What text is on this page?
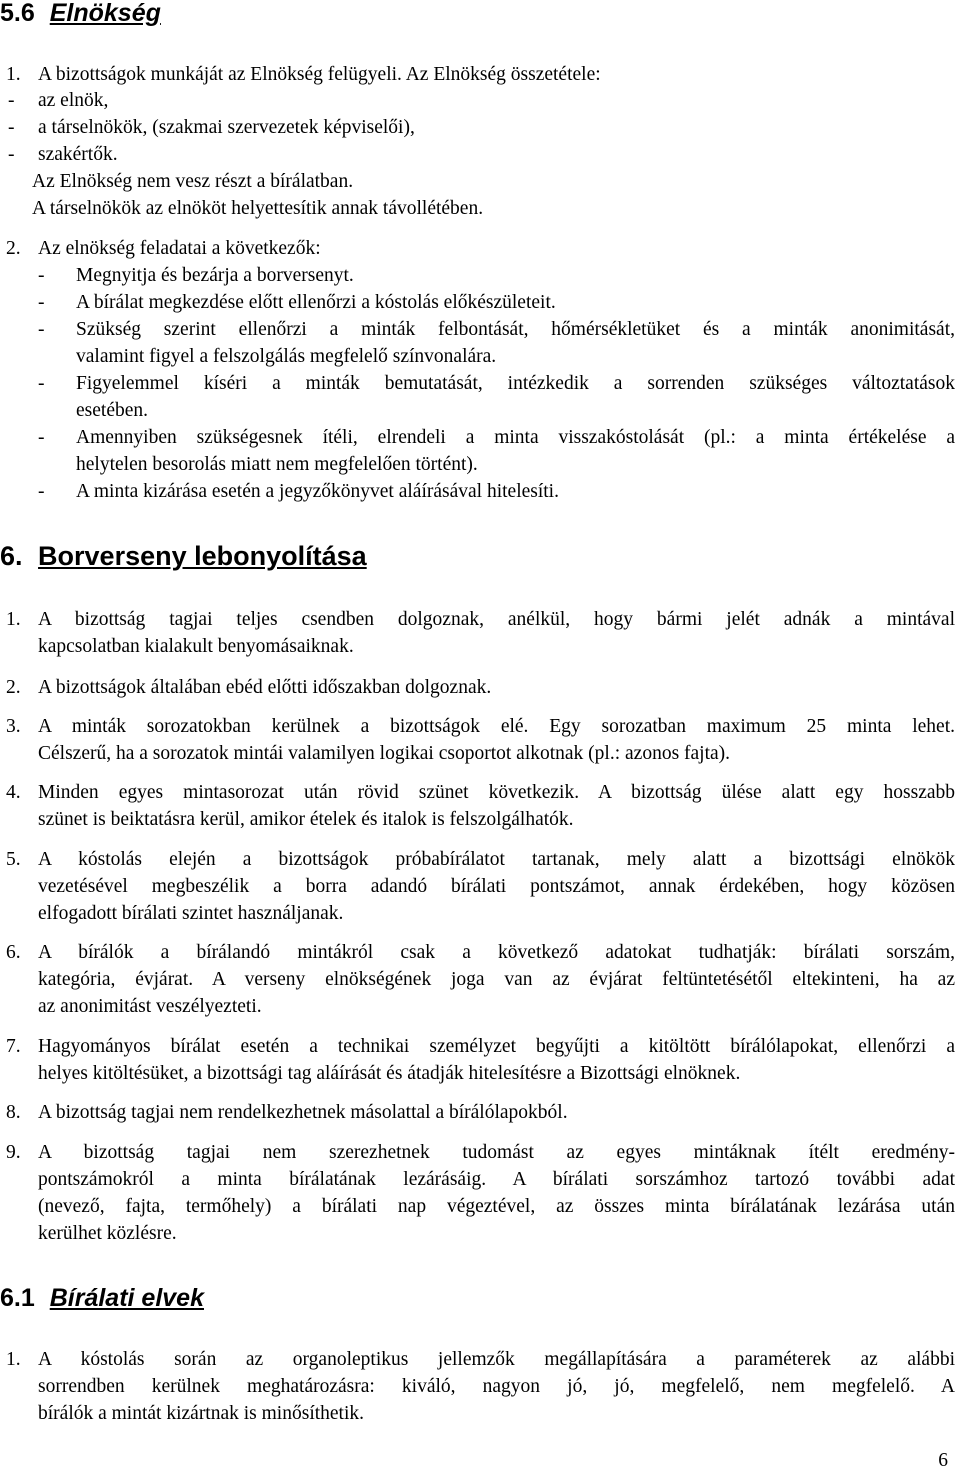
5.6 Elnökség
1. A bizottságok munkáját az Elnökség felügyeli. Az Elnökség összetétele:
- az elnök,
- a társelnökök, (szakmai szervezetek képviselői),
- szakértők.
Az Elnökség nem vesz részt a bírálatban.
A társelnökök az elnököt helyettesítik annak távollétében.
2. Az elnökség feladatai a következők:
- Megnyitja és bezárja a borversenyt.
- A bírálat megkezdése előtt ellenőrzi a kóstolás előkészületeit.
- Szükség szerint ellenőrzi a minták felbontását, hőmérsékletüket és a minták anonimitását,
valamint figyel a felszolgálás megfelelő színvonalára.
- Figyelemmel kíséri a minták bemutatását, intézkedik a sorrenden szükséges változtatások
esetében.
- Amennyiben szükségesnek ítéli, elrendeli a minta visszakóstolását (pl.: a minta értékelése a
helytelen besorolás miatt nem megfelelően történt).
- A minta kizárása esetén a jegyzőkönyvet aláírásával hitelesíti.
6. Borverseny lebonyolítása
1. A bizottság tagjai teljes csendben dolgoznak, anélkül, hogy bármi jelét adnák a mintával
kapcsolatban kialakult benyomásaiknak.
2. A bizottságok általában ebéd előtti időszakban dolgoznak.
3. A minták sorozatokban kerülnek a bizottságok elé. Egy sorozatban maximum 25 minta lehet.
Célszerű, ha a sorozatok mintái valamilyen logikai csoportot alkotnak (pl.: azonos fajta).
4. Minden egyes mintasorozat után rövid szünet következik. A bizottság ülése alatt egy hosszabb
szünet is beiktatásra kerül, amikor ételek és italok is felszolgálhatók.
5. A kóstolás elején a bizottságok próbabírálatot tartanak, mely alatt a bizottsági elnökök
vezetésével megbeszélik a borra adandó bírálati pontszámot, annak érdekében, hogy közösen
elfogadott bírálati szintet használjanak.
6. A bírálók a bírálandó mintákról csak a következő adatokat tudhatják: bírálati sorszám,
kategória, évjárat. A verseny elnökségének joga van az évjárat feltüntetésétől eltekinteni, ha az
az anonimitást veszélyezteti.
7. Hagyományos bírálat esetén a technikai személyzet begyűjti a kitöltött bírálólapokat, ellenőrzi a
helyes kitöltésüket, a bizottsági tag aláírását és átadják hitelesítésre a Bizottsági elnöknek.
8. A bizottság tagjai nem rendelkezhetnek másolattal a bírálólapokból.
9. A bizottság tagjai nem szerezhetnek tudomást az egyes mintáknak ítélt eredmény-
pontszámokról a minta bírálatának lezárásáig. A bírálati sorszámhoz tartozó további adat
(nevező, fajta, termőhely) a bírálati nap végeztével, az összes minta bírálatának lezárása után
kerülhet közlésre.
6.1 Bírálati elvek
1. A kóstolás során az organoleptikus jellemzők megállapítására a paraméterek az alábbi
sorrendben kerülnek meghatározásra: kiváló, nagyon jó, jó, megfelelő, nem megfelelő. A
bírálók a mintát kizártnak is minősíthetik.
6
